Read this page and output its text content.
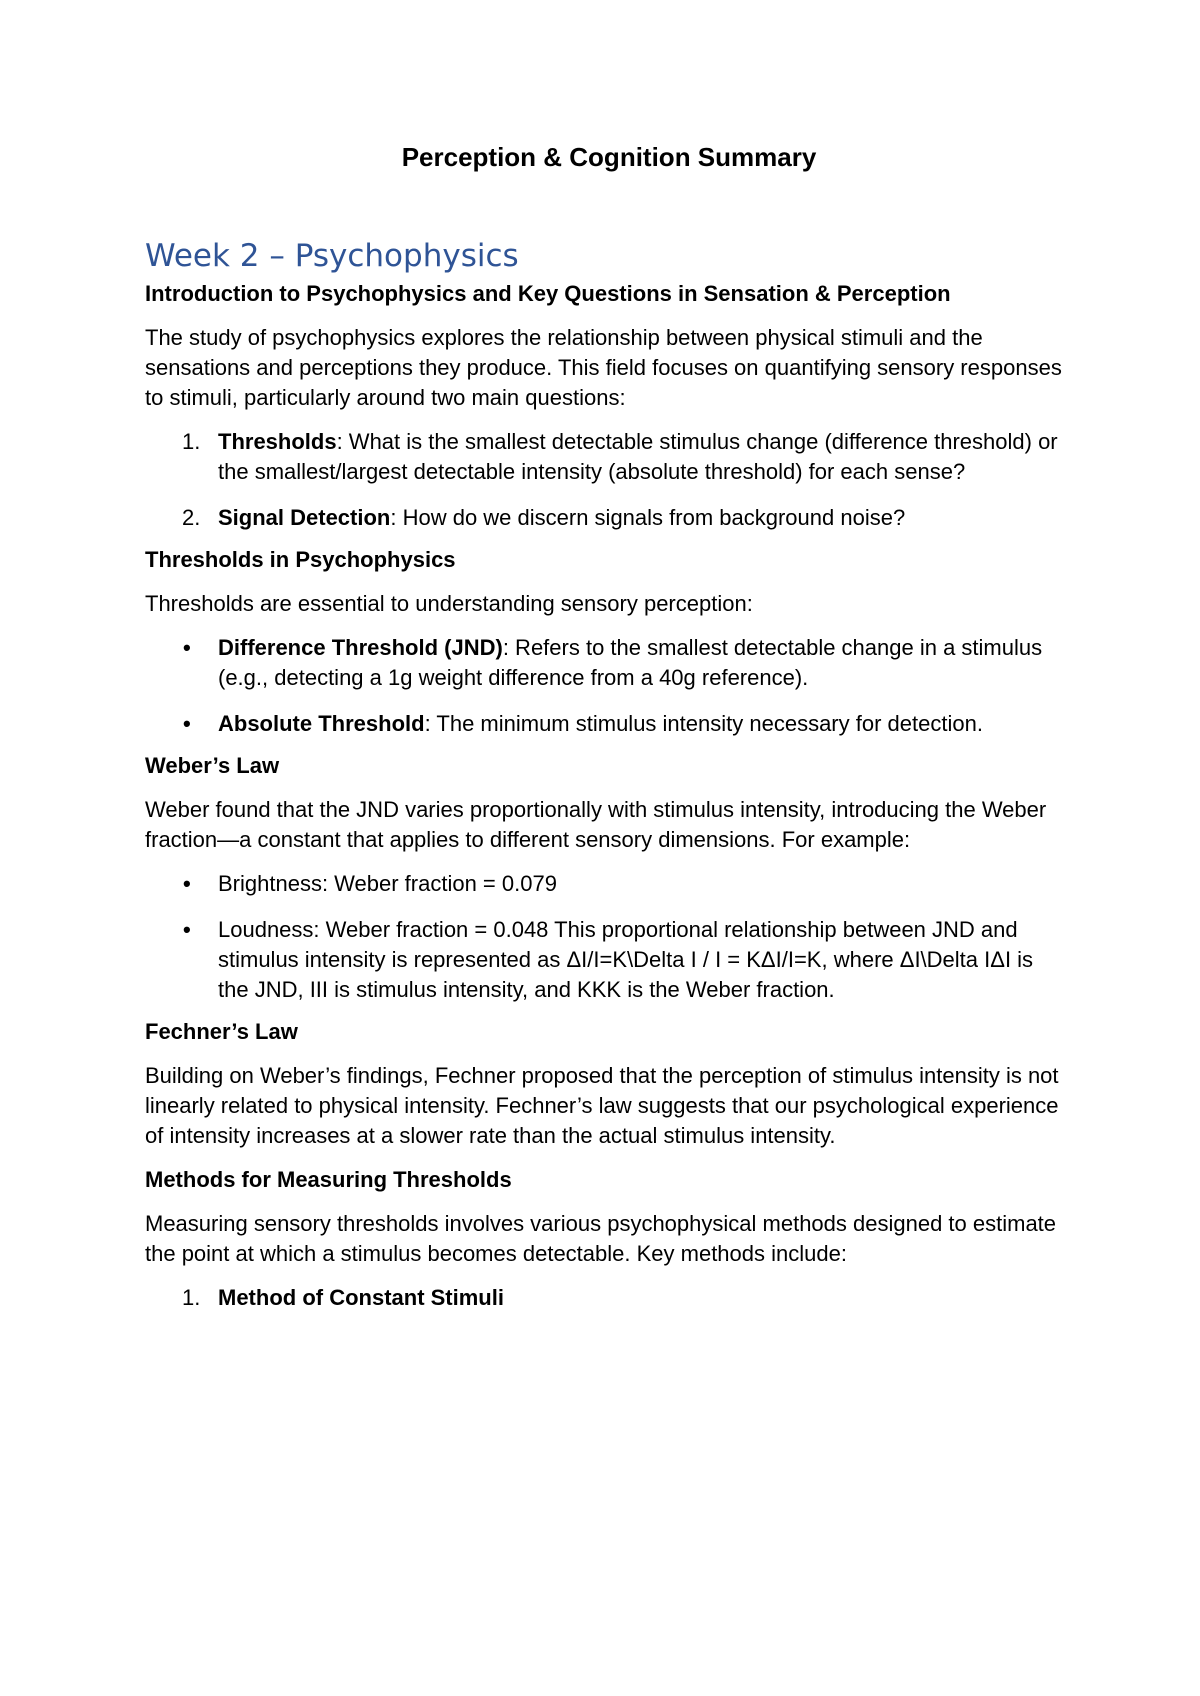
Perception & Cognition Summary
Week 2 – Psychophysics
Introduction to Psychophysics and Key Questions in Sensation & Perception

The study of psychophysics explores the relationship between physical stimuli and the sensations and perceptions they produce. This field focuses on quantifying sensory responses to stimuli, particularly around two main questions:

1. Thresholds: What is the smallest detectable stimulus change (difference threshold) or the smallest/largest detectable intensity (absolute threshold) for each sense?
2. Signal Detection: How do we discern signals from background noise?
Thresholds in Psychophysics

Thresholds are essential to understanding sensory perception:

• Difference Threshold (JND): Refers to the smallest detectable change in a stimulus (e.g., detecting a 1g weight difference from a 40g reference).
• Absolute Threshold: The minimum stimulus intensity necessary for detection.
Weber’s Law

Weber found that the JND varies proportionally with stimulus intensity, introducing the Weber fraction—a constant that applies to different sensory dimensions. For example:

• Brightness: Weber fraction = 0.079
• Loudness: Weber fraction = 0.048 This proportional relationship between JND and stimulus intensity is represented as ΔI/I=K\Delta I / I = KΔI/I=K, where ΔI\Delta IΔI is the JND, III is stimulus intensity, and KKK is the Weber fraction.
Fechner’s Law

Building on Weber’s findings, Fechner proposed that the perception of stimulus intensity is not linearly related to physical intensity. Fechner’s law suggests that our psychological experience of intensity increases at a slower rate than the actual stimulus intensity.

Methods for Measuring Thresholds

Measuring sensory thresholds involves various psychophysical methods designed to estimate the point at which a stimulus becomes detectable. Key methods include:

1. Method of Constant Stimuli
